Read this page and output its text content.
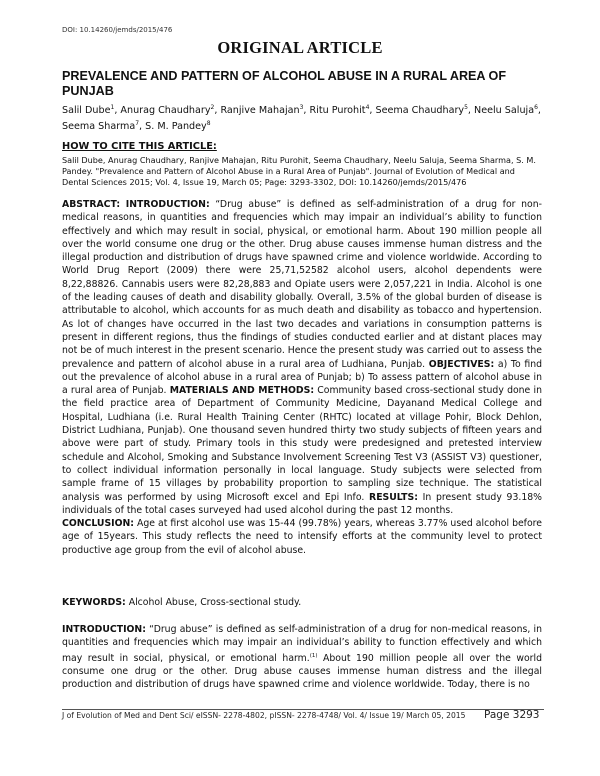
DOI: 10.14260/jemds/2015/476
ORIGINAL ARTICLE
PREVALENCE AND PATTERN OF ALCOHOL ABUSE IN A RURAL AREA OF PUNJAB
Salil Dube$^1$, Anurag Chaudhary$^2$, Ranjive Mahajan$^3$, Ritu Purohit$^4$, Seema Chaudhary$^5$, Neelu Saluja$^6$, Seema Sharma$^7$, S. M. Pandey$^8$
HOW TO CITE THIS ARTICLE:
Salil Dube, Anurag Chaudhary, Ranjive Mahajan, Ritu Purohit, Seema Chaudhary, Neelu Saluja, Seema Sharma, S. M. Pandey. "Prevalence and Pattern of Alcohol Abuse in a Rural Area of Punjab". Journal of Evolution of Medical and Dental Sciences 2015; Vol. 4, Issue 19, March 05; Page: 3293-3302, DOI: 10.14260/jemds/2015/476
ABSTRACT: INTRODUCTION: “Drug abuse” is defined as self-administration of a drug for non-medical reasons, in quantities and frequencies which may impair an individual’s ability to function effectively and which may result in social, physical, or emotional harm. About 190 million people all over the world consume one drug or the other. Drug abuse causes immense human distress and the illegal production and distribution of drugs have spawned crime and violence worldwide. According to World Drug Report (2009) there were 25,71,52582 alcohol users, alcohol dependents were 8,22,88826. Cannabis users were 82,28,883 and Opiate users were 2,057,221 in India. Alcohol is one of the leading causes of death and disability globally. Overall, 3.5% of the global burden of disease is attributable to alcohol, which accounts for as much death and disability as tobacco and hypertension. As lot of changes have occurred in the last two decades and variations in consumption patterns is present in different regions, thus the findings of studies conducted earlier and at distant places may not be of much interest in the present scenario. Hence the present study was carried out to assess the prevalence and pattern of alcohol abuse in a rural area of Ludhiana, Punjab. OBJECTIVES: a) To find out the prevalence of alcohol abuse in a rural area of Punjab; b) To assess pattern of alcohol abuse in a rural area of Punjab. MATERIALS AND METHODS: Community based cross-sectional study done in the field practice area of Department of Community Medicine, Dayanand Medical College and Hospital, Ludhiana (i.e. Rural Health Training Center (RHTC) located at village Pohir, Block Dehlon, District Ludhiana, Punjab). One thousand seven hundred thirty two study subjects of fifteen years and above were part of study. Primary tools in this study were predesigned and pretested interview schedule and Alcohol, Smoking and Substance Involvement Screening Test V3 (ASSIST V3) questioner, to collect individual information personally in local language. Study subjects were selected from sample frame of 15 villages by probability proportion to sampling size technique. The statistical analysis was performed by using Microsoft excel and Epi Info. RESULTS: In present study 93.18% individuals of the total cases surveyed had used alcohol during the past 12 months.
CONCLUSION: Age at first alcohol use was 15-44 (99.78%) years, whereas 3.77% used alcohol before age of 15years. This study reflects the need to intensify efforts at the community level to protect productive age group from the evil of alcohol abuse.
KEYWORDS: Alcohol Abuse, Cross-sectional study.
INTRODUCTION: “Drug abuse” is defined as self-administration of a drug for non-medical reasons, in quantities and frequencies which may impair an individual’s ability to function effectively and which may result in social, physical, or emotional harm.$^{(1)}$ About 190 million people all over the world consume one drug or the other. Drug abuse causes immense human distress and the illegal production and distribution of drugs have spawned crime and violence worldwide. Today, there is no
J of Evolution of Med and Dent Sci/ eISSN- 2278-4802, pISSN- 2278-4748/ Vol. 4/ Issue 19/ March 05, 2015 Page 3293
